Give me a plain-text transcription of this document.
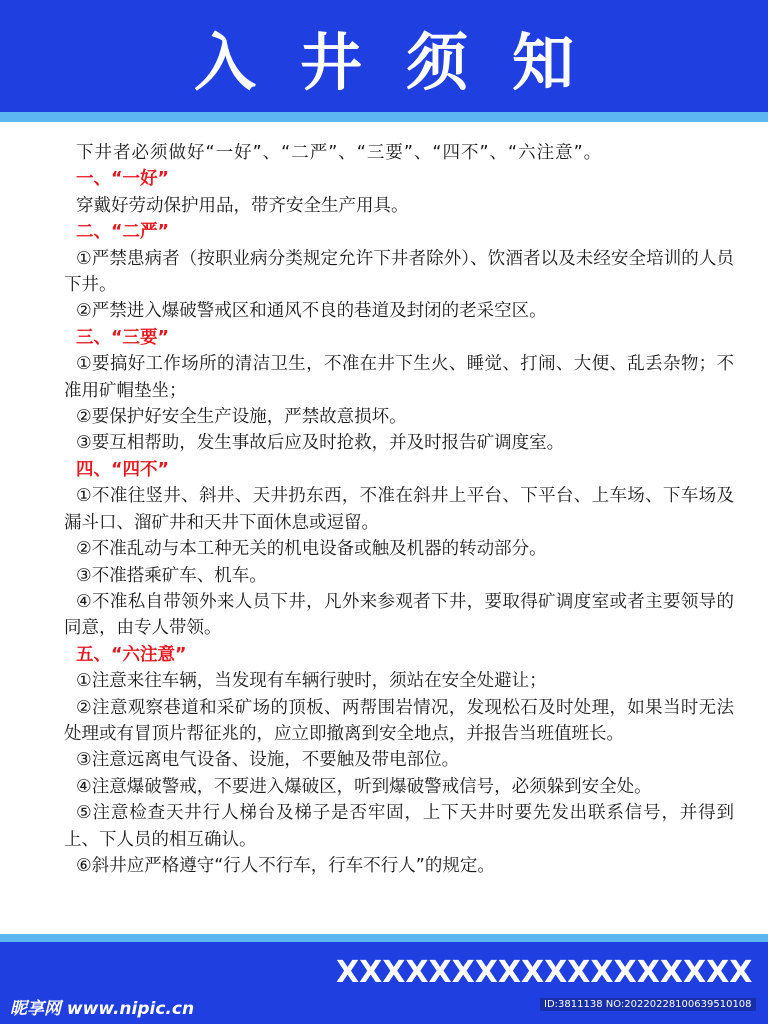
入井须知

下井者必须做好“一好”、“二严”、“三要”、“四不”、“六注意”。

一、“一好”

穿戴好劳动保护用品，带齐安全生产用具。

二、“二严”

①严禁患病者（按职业病分类规定允许下井者除外）、饮酒者以及未经安全培训的人员下井。

②严禁进入爆破警戒区和通风不良的巷道及封闭的老采空区。

三、“三要”

①要搞好工作场所的清洁卫生，不准在井下生火、睡觉、打闹、大便、乱丢杂物；不准用矿帽垫坐；

②要保护好安全生产设施，严禁故意损坏。

③要互相帮助，发生事故后应及时抢救，并及时报告矿调度室。

四、“四不”

①不准往竖井、斜井、天井扔东西，不准在斜井上平台、下平台、上车场、下车场及漏斗口、溜矿井和天井下面休息或逗留。

②不准乱动与本工种无关的机电设备或触及机器的转动部分。

③不准搭乘矿车、机车。

④不准私自带领外来人员下井，凡外来参观者下井，要取得矿调度室或者主要领导的同意，由专人带领。

五、“六注意”

①注意来往车辆，当发现有车辆行驶时，须站在安全处避让；

②注意观察巷道和采矿场的顶板、两帮围岩情况，发现松石及时处理，如果当时无法处理或有冒顶片帮征兆的，应立即撤离到安全地点，并报告当班值班长。

③注意远离电气设备、设施，不要触及带电部位。

④注意爆破警戒，不要进入爆破区，听到爆破警戒信号，必须躲到安全处。

⑤注意检查天井行人梯台及梯子是否牢固，上下天井时要先发出联系信号，并得到上、下人员的相互确认。

⑥斜井应严格遵守“行人不行车，行车不行人”的规定。

XXXXXXXXXXXXXXXXXX
昵享网 www.nipic.cn	ID:3811138 NO:20220228100639510108
